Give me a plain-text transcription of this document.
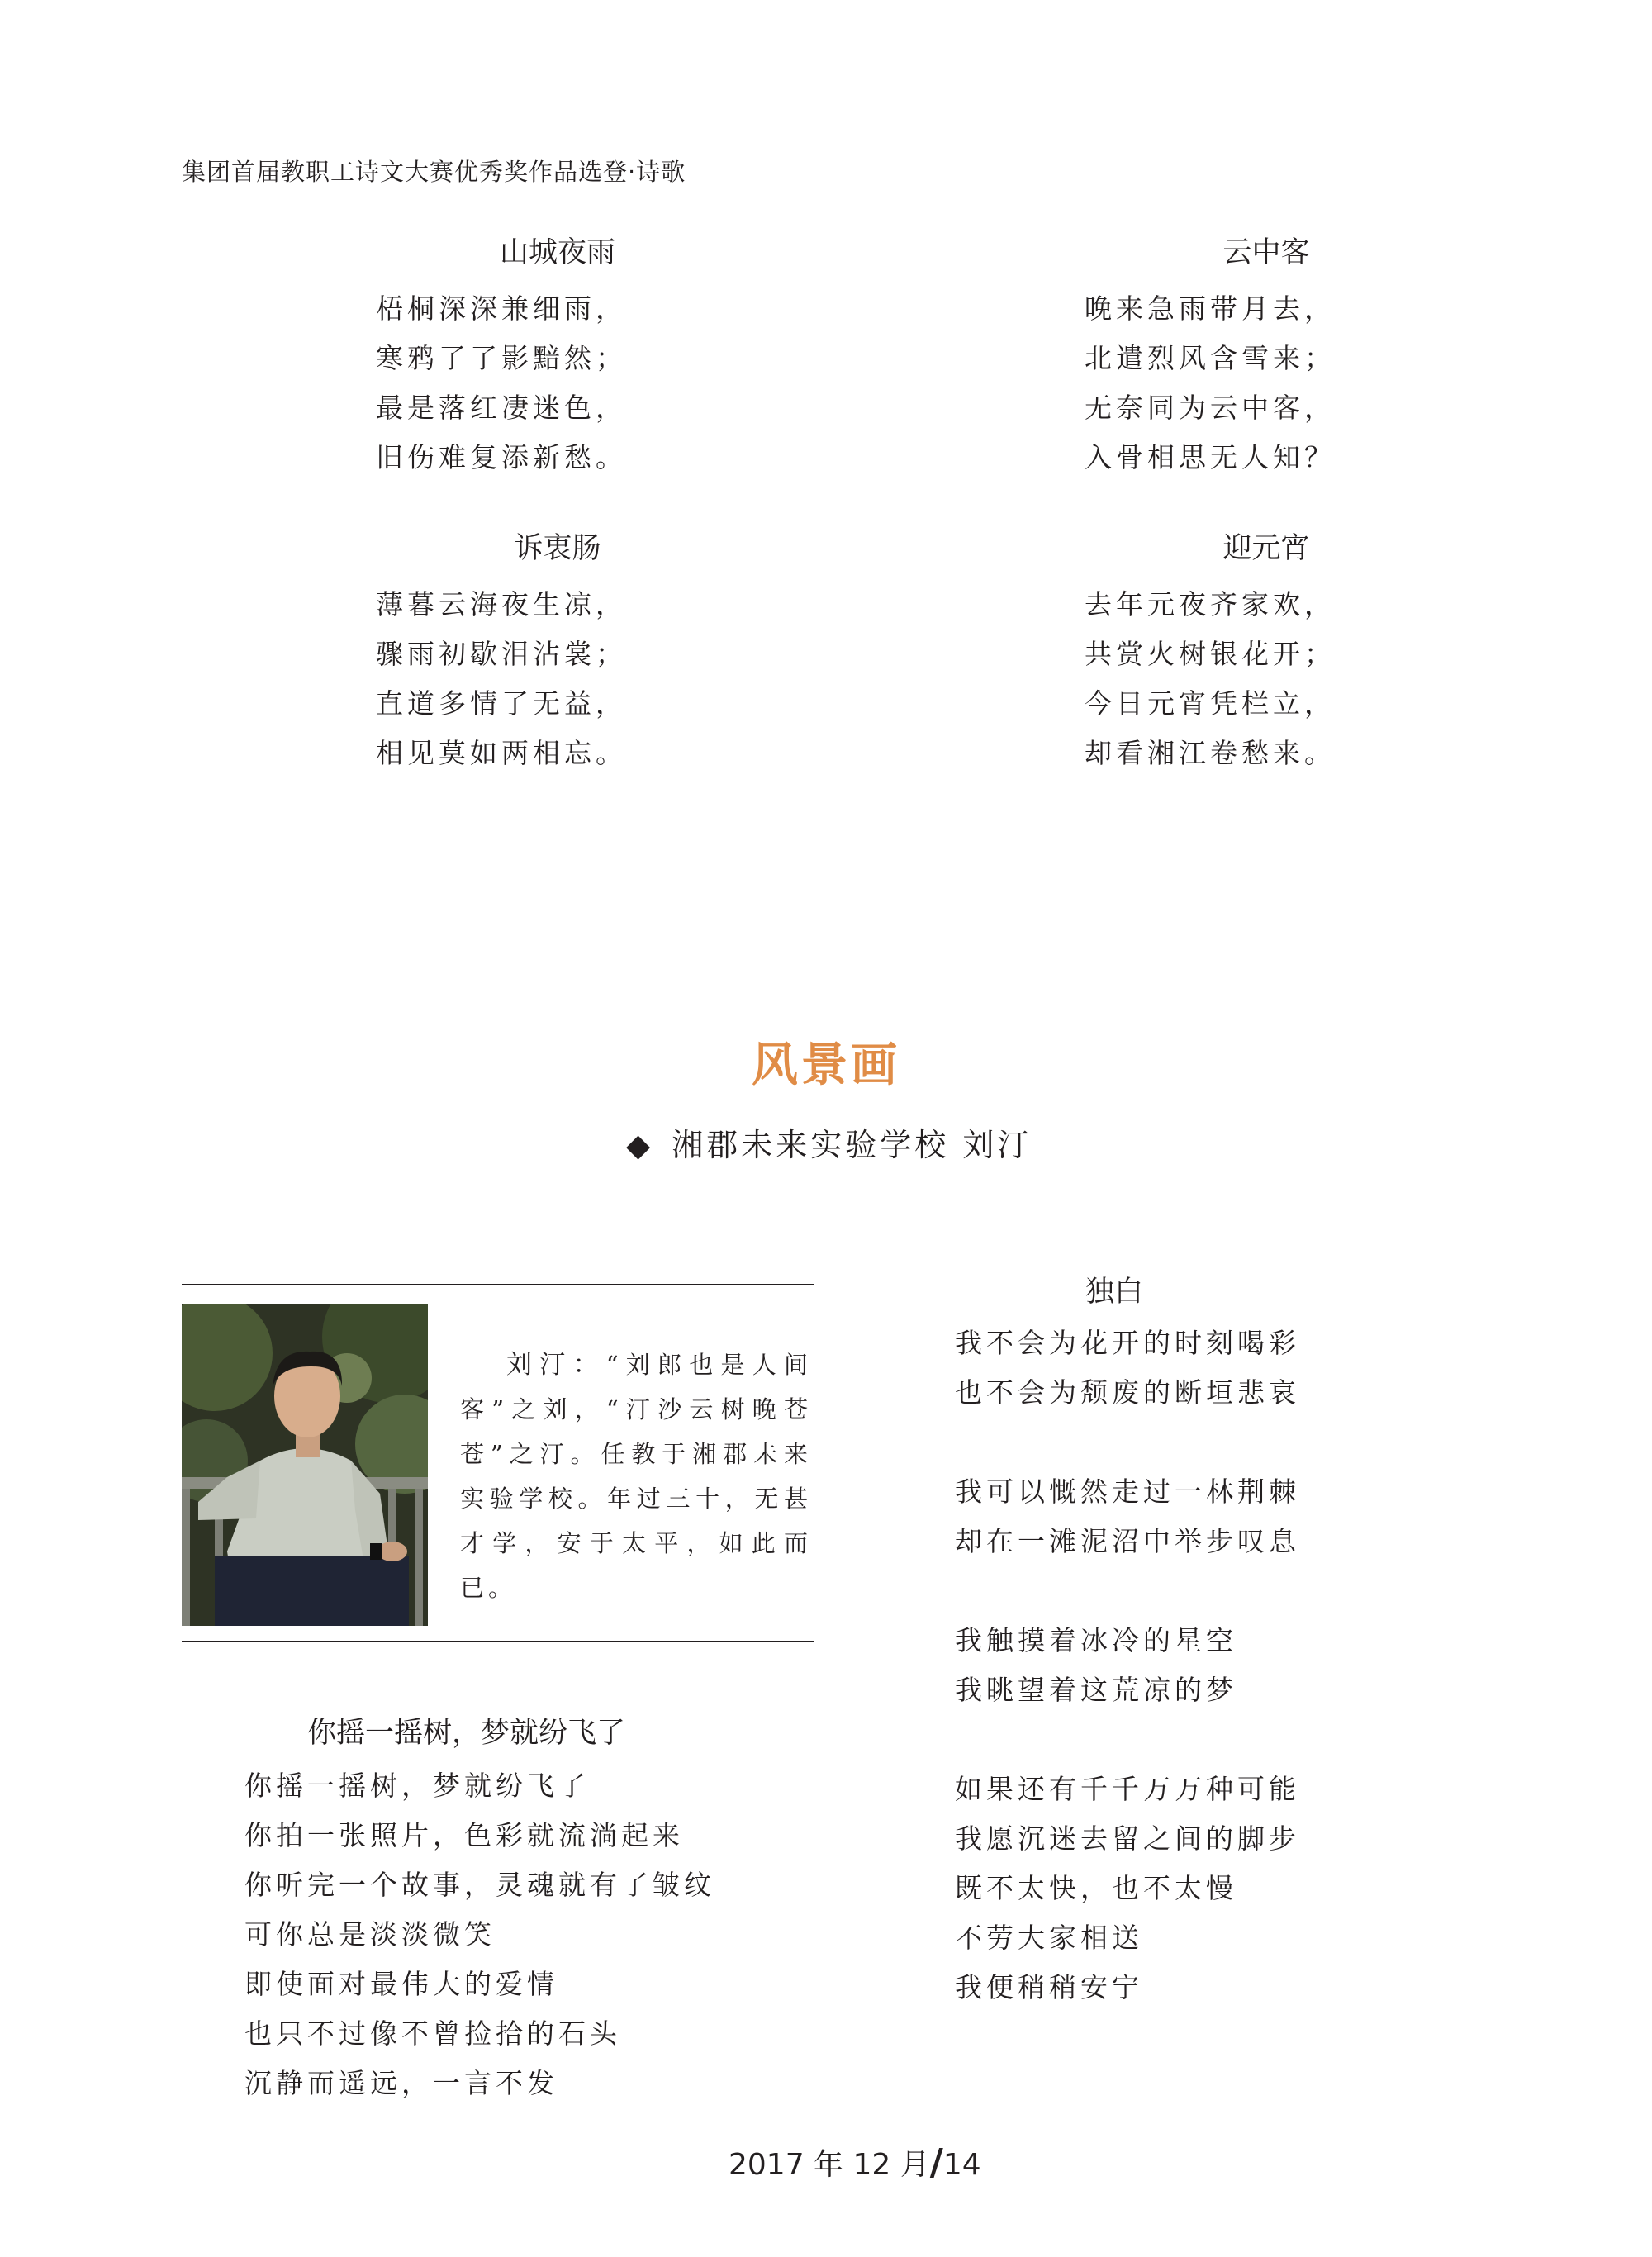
集团首届教职工诗文大赛优秀奖作品选登·诗歌
山城夜雨
梧桐深深兼细雨，
寒鸦了了影黯然；
最是落红凄迷色，
旧伤难复添新愁。
云中客
晚来急雨带月去，
北遣烈风含雪来；
无奈同为云中客，
入骨相思无人知？
诉衷肠
薄暮云海夜生凉，
骤雨初歇泪沾裳；
直道多情了无益，
相见莫如两相忘。
迎元宵
去年元夜齐家欢，
共赏火树银花开；
今日元宵凭栏立，
却看湘江卷愁来。
风景画
◆ 湘郡未来实验学校 刘汀
刘汀：“刘郎也是人间客”之刘，“汀沙云树晚苍苍”之汀。任教于湘郡未来实验学校。年过三十，无甚才学，安于太平，如此而已。
你摇一摇树，梦就纷飞了
你摇一摇树，梦就纷飞了
你拍一张照片，色彩就流淌起来
你听完一个故事，灵魂就有了皱纹
可你总是淡淡微笑
即使面对最伟大的爱情
也只不过像不曾捡拾的石头
沉静而遥远，一言不发
独白
我不会为花开的时刻喝彩
也不会为颓废的断垣悲哀
我可以慨然走过一林荆棘
却在一滩泥沼中举步叹息
我触摸着冰冷的星空
我眺望着这荒凉的梦
如果还有千千万万种可能
我愿沉迷去留之间的脚步
既不太快，也不太慢
不劳大家相送
我便稍稍安宁
2017 年 12 月/14
